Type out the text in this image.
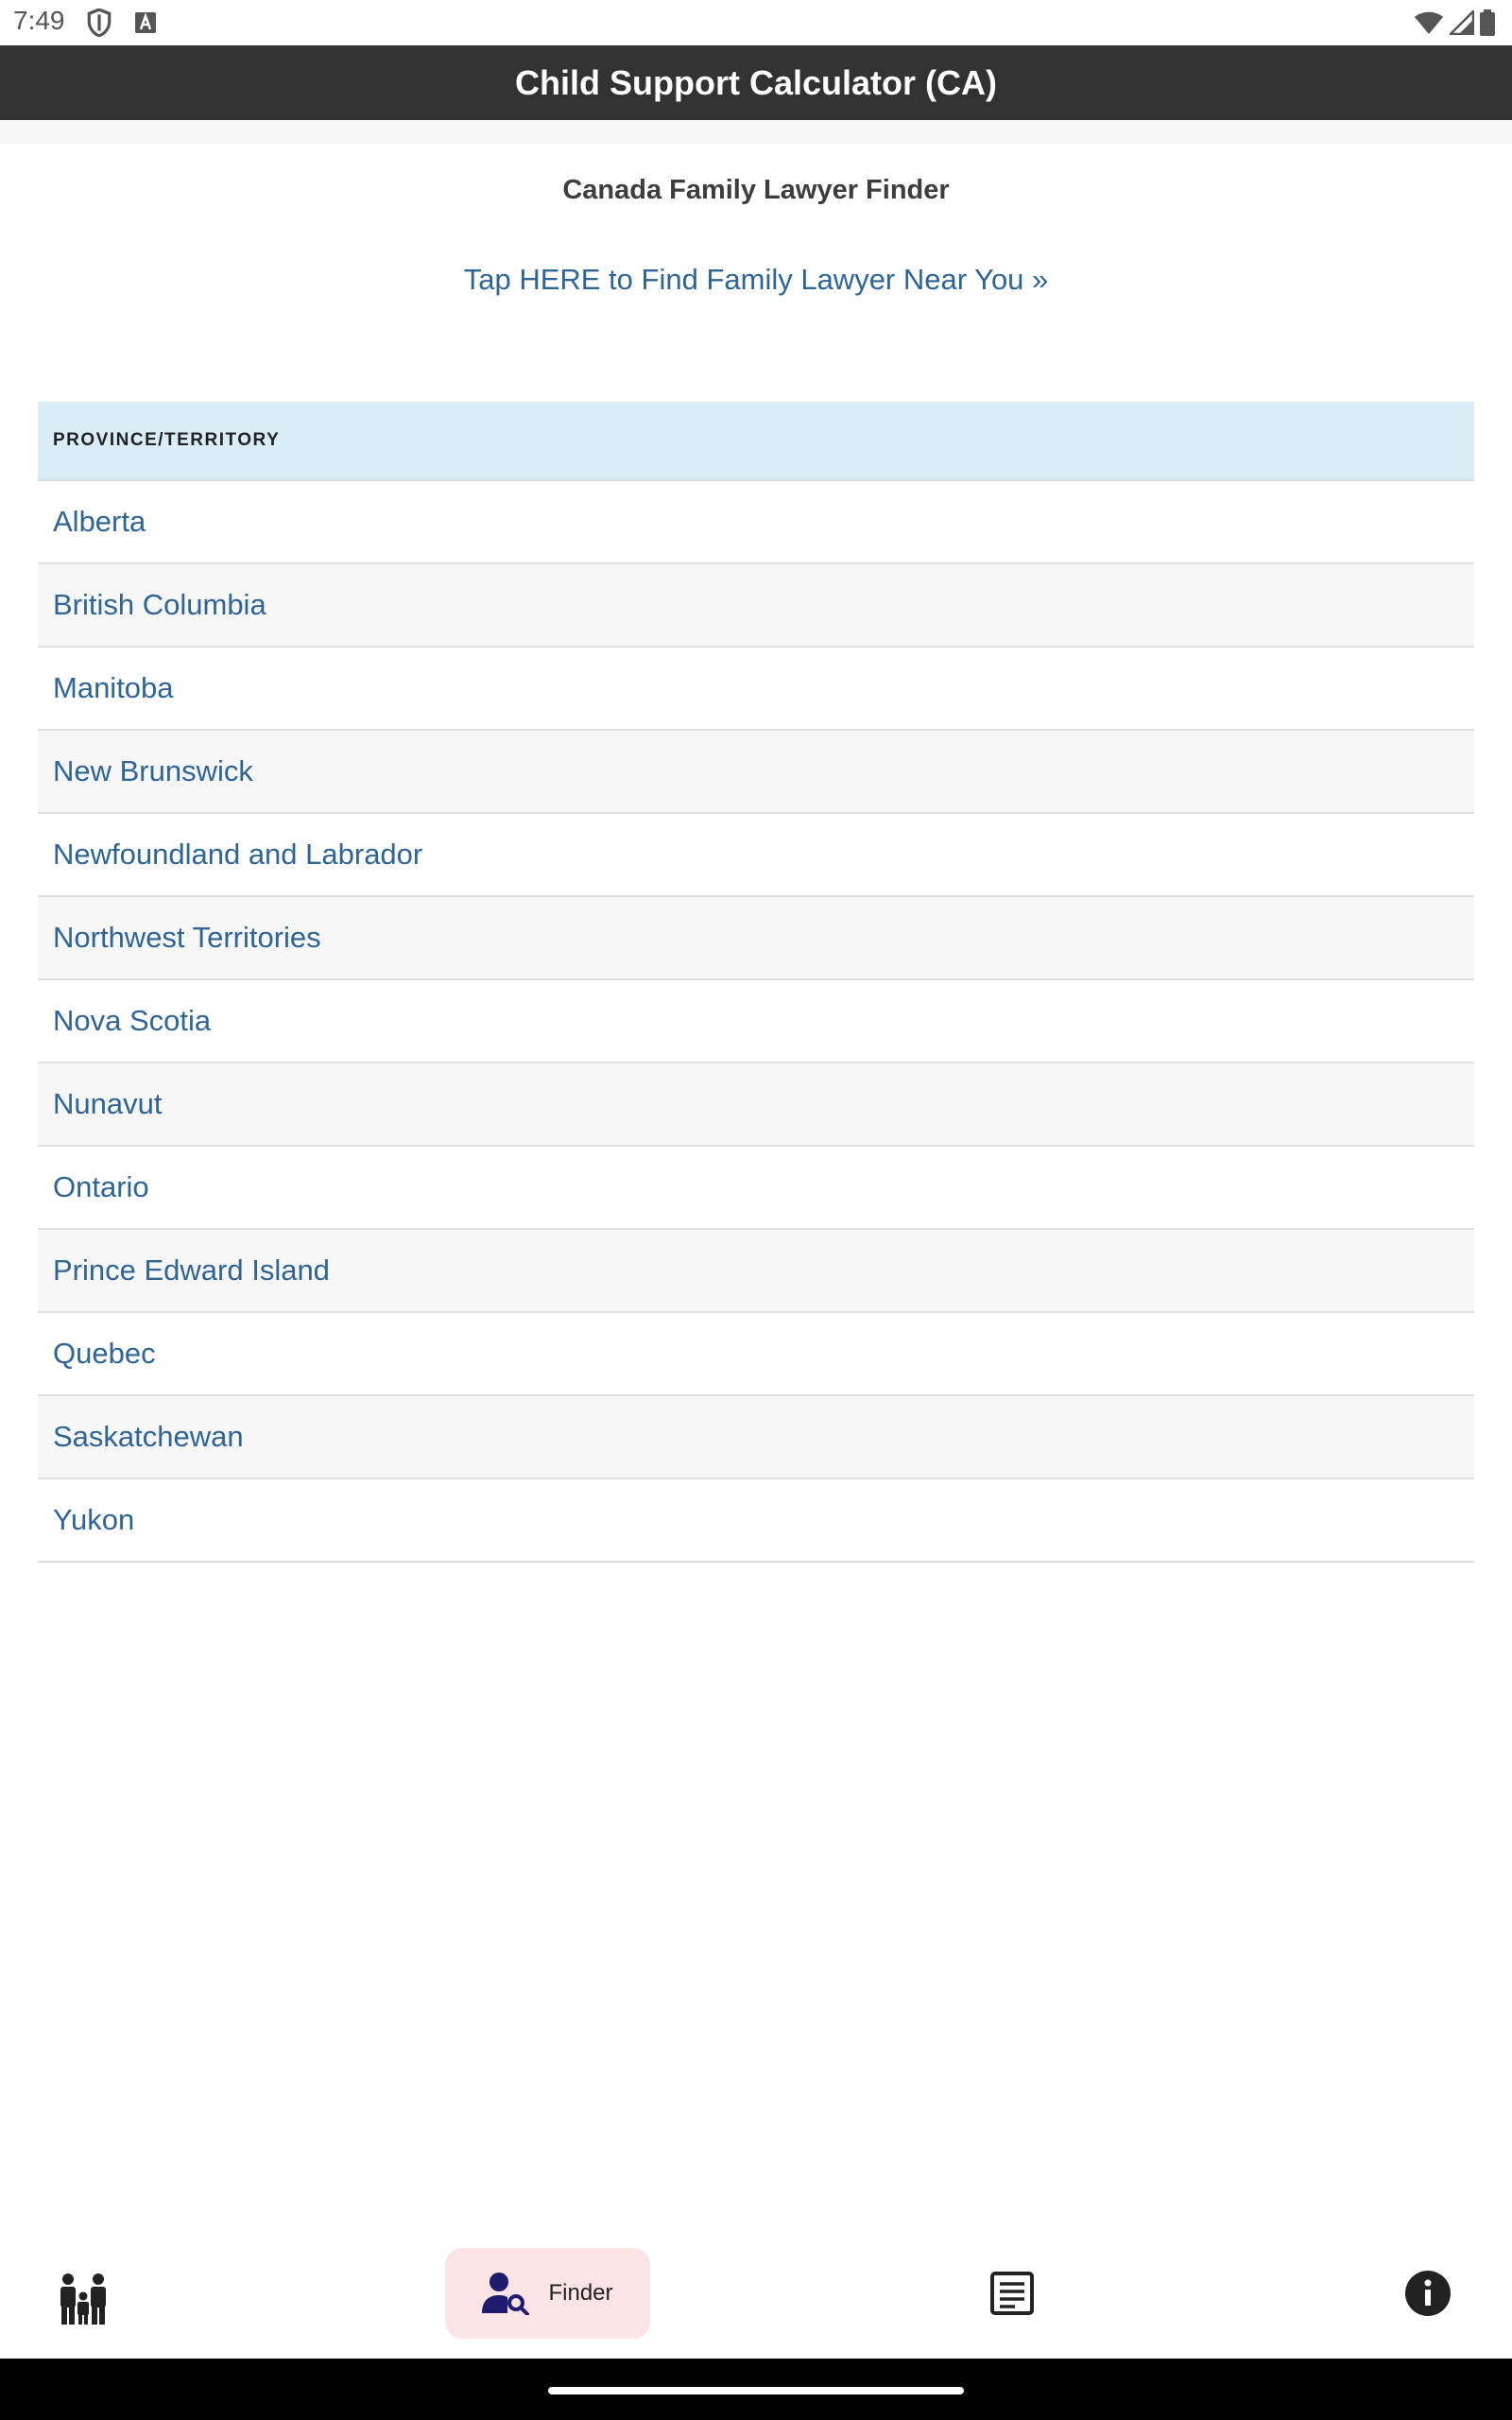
7:49
Child Support Calculator (CA)
Canada Family Lawyer Finder
Tap HERE to Find Family Lawyer Near You »
PROVINCE/TERRITORY
Alberta
British Columbia
Manitoba
New Brunswick
Newfoundland and Labrador
Northwest Territories
Nova Scotia
Nunavut
Ontario
Prince Edward Island
Quebec
Saskatchewan
Yukon
Finder
